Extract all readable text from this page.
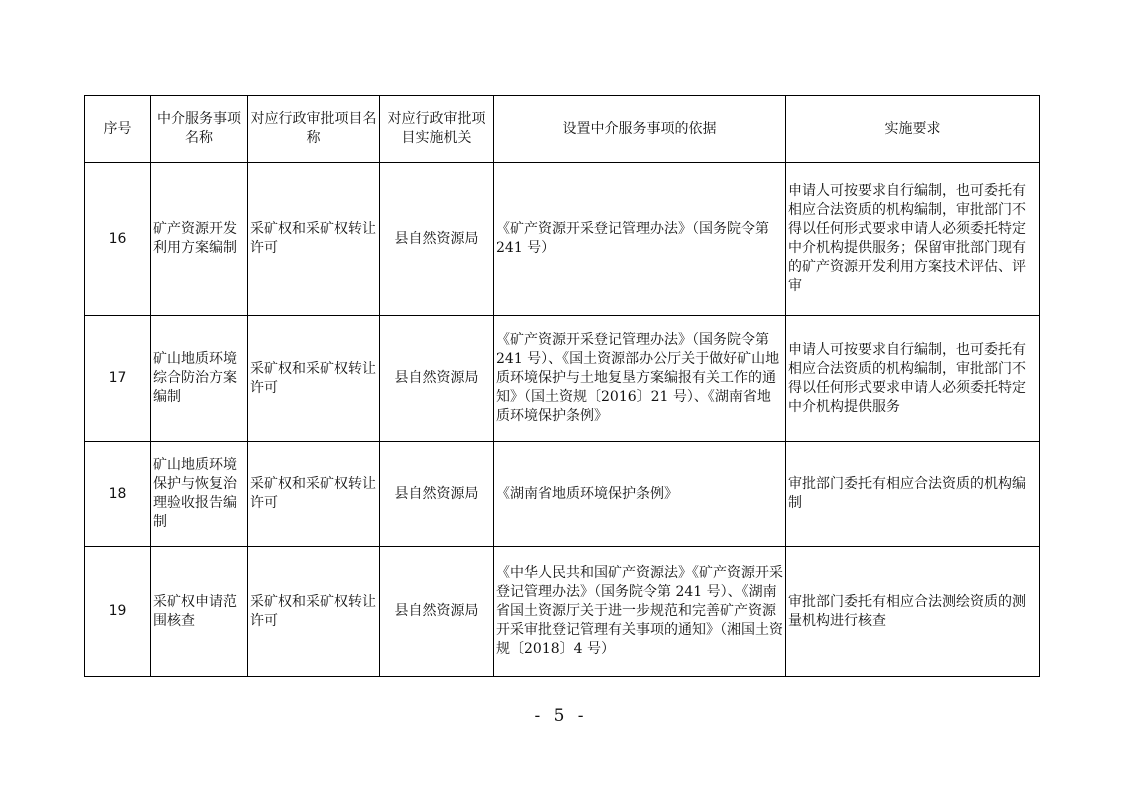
序号	中介服务事项名称	对应行政审批项目名称	对应行政审批项目实施机关	设置中介服务事项的依据	实施要求
16	矿产资源开发利用方案编制	采矿权和采矿权转让许可	县自然资源局	《矿产资源开采登记管理办法》（国务院令第 241 号）	申请人可按要求自行编制，也可委托有相应合法资质的机构编制，审批部门不得以任何形式要求申请人必须委托特定中介机构提供服务；保留审批部门现有的矿产资源开发利用方案技术评估、评审
17	矿山地质环境综合防治方案编制	采矿权和采矿权转让许可	县自然资源局	《矿产资源开采登记管理办法》（国务院令第 241 号）、《国土资源部办公厅关于做好矿山地质环境保护与土地复垦方案编报有关工作的通知》（国土资规〔2016〕21 号）、《湖南省地质环境保护条例》	申请人可按要求自行编制，也可委托有相应合法资质的机构编制，审批部门不得以任何形式要求申请人必须委托特定中介机构提供服务
18	矿山地质环境保护与恢复治理验收报告编制	采矿权和采矿权转让许可	县自然资源局	《湖南省地质环境保护条例》	审批部门委托有相应合法资质的机构编制
19	采矿权申请范围核查	采矿权和采矿权转让许可	县自然资源局	《中华人民共和国矿产资源法》《矿产资源开采登记管理办法》（国务院令第 241 号）、《湖南省国土资源厅关于进一步规范和完善矿产资源开采审批登记管理有关事项的通知》（湘国土资规〔2018〕4 号）	审批部门委托有相应合法测绘资质的测量机构进行核查
- 5 -
